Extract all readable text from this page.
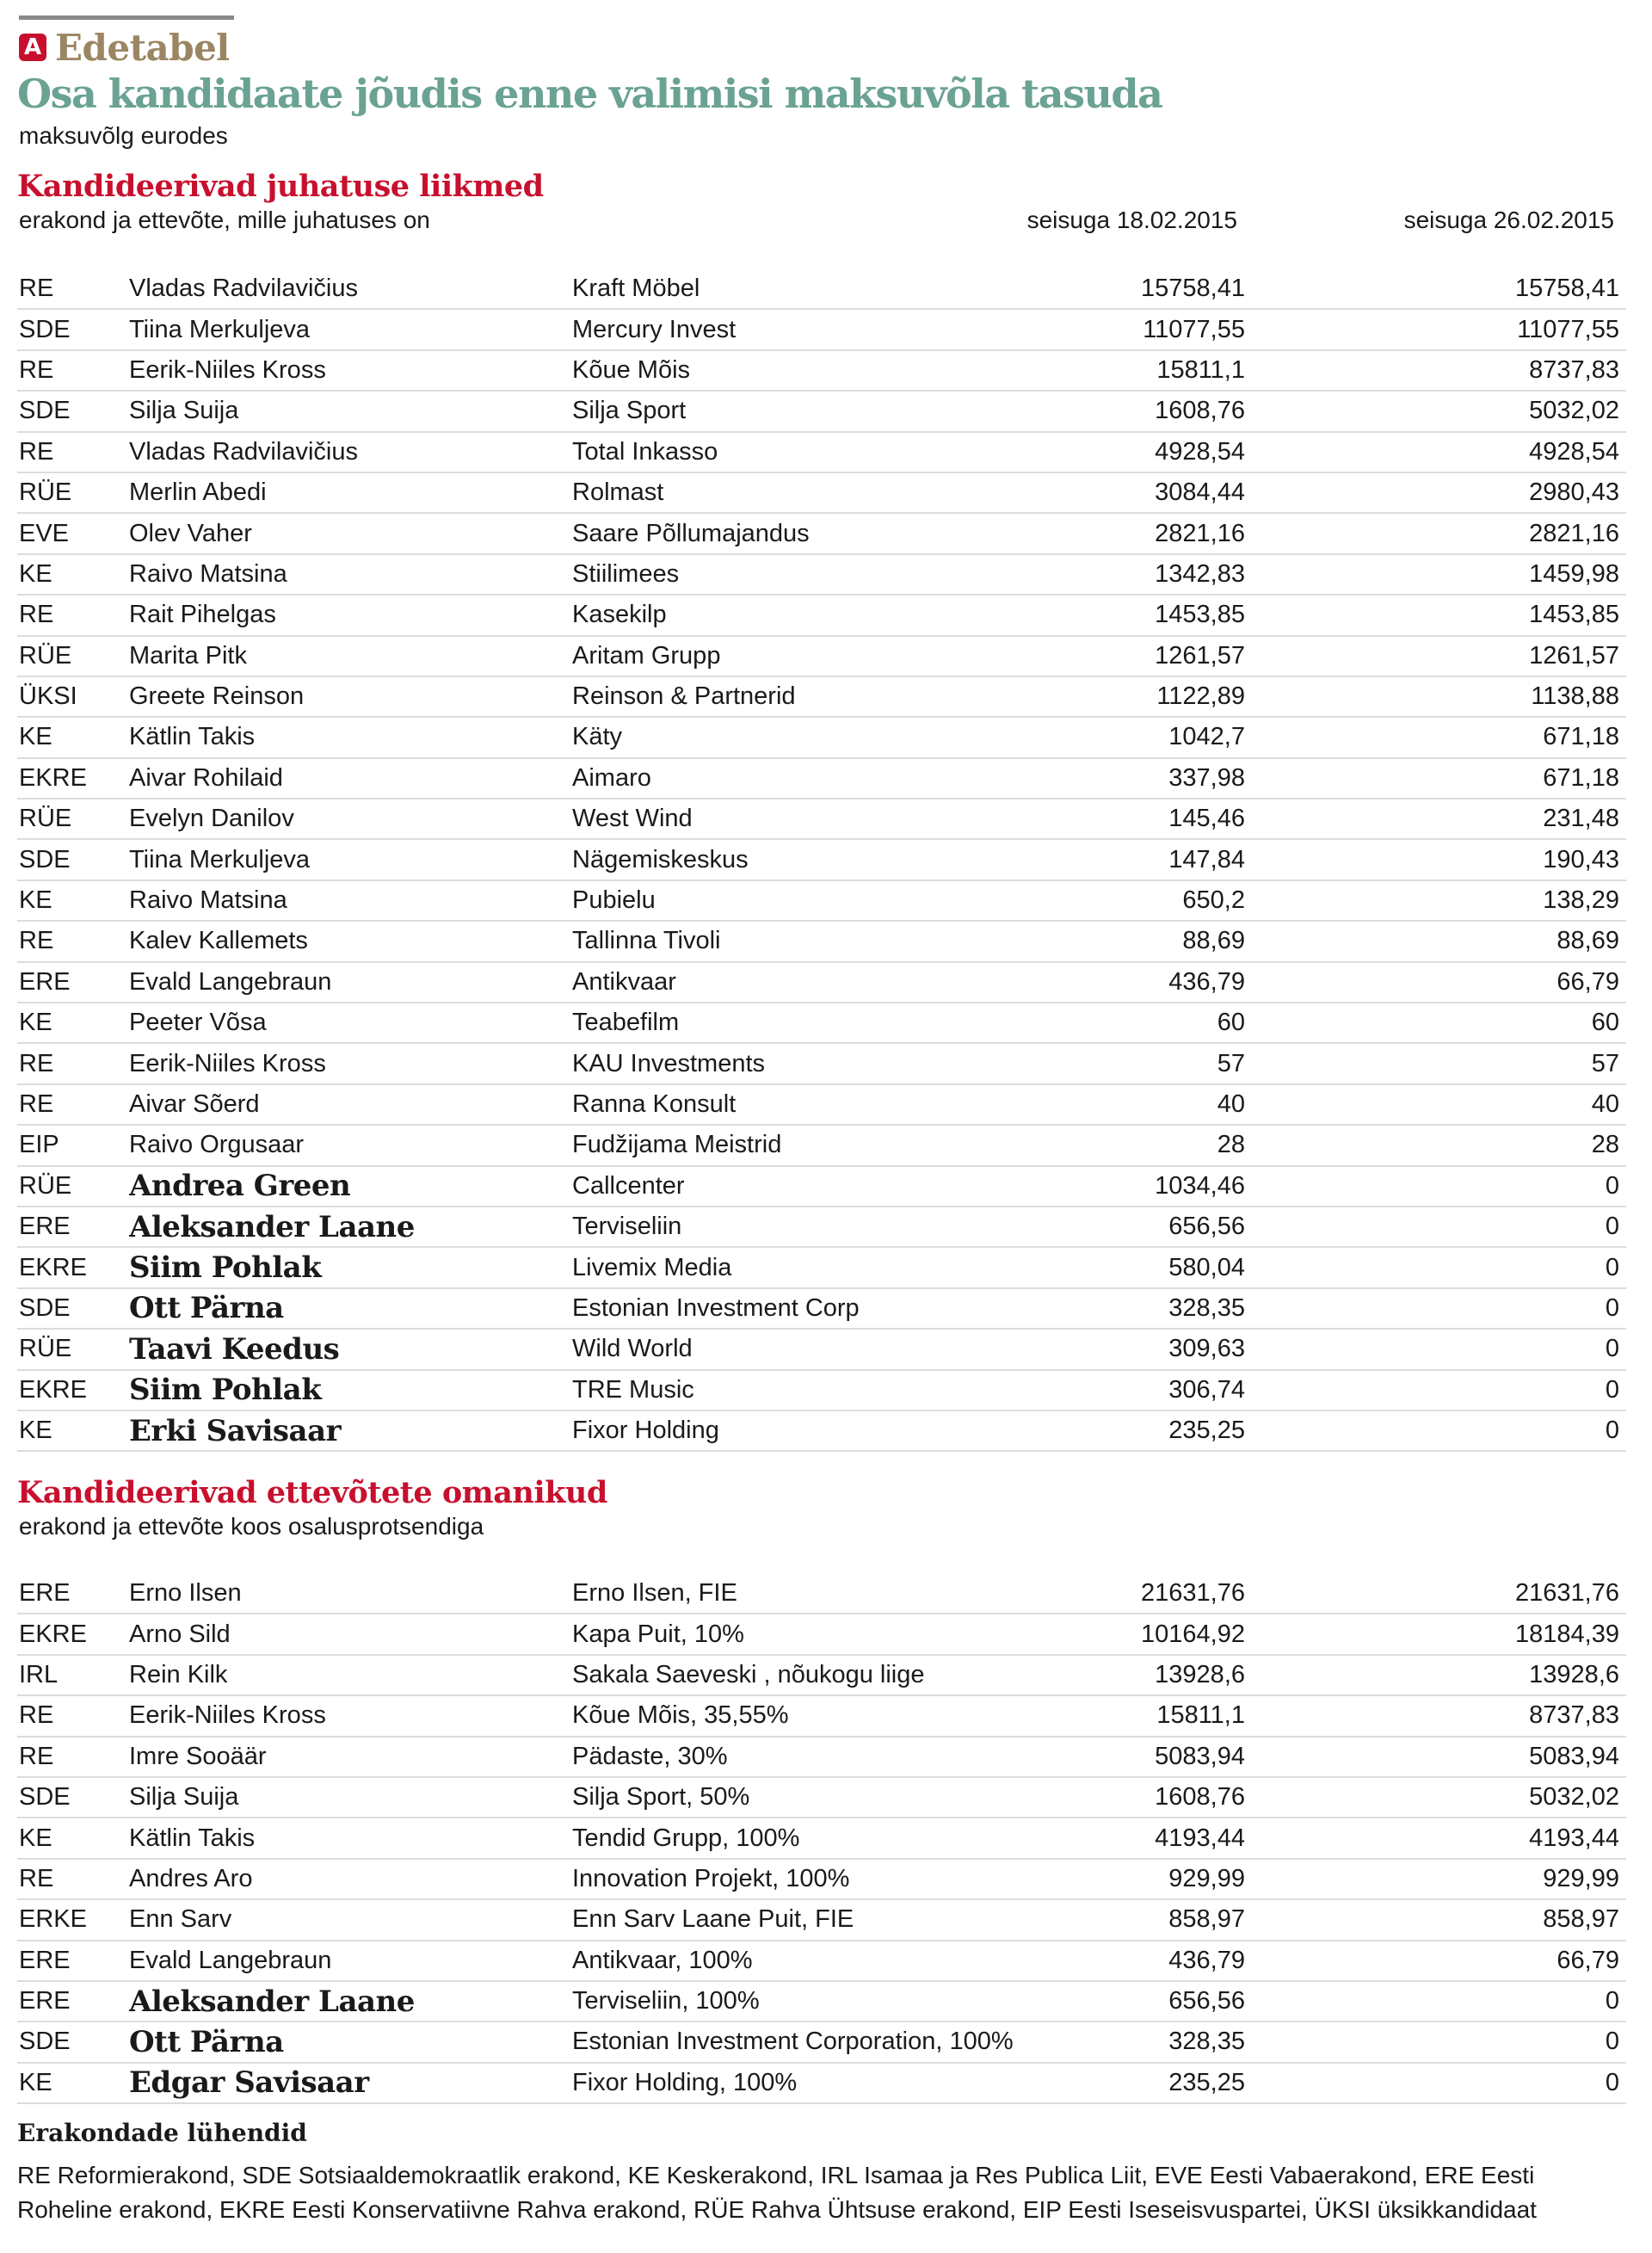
A Edetabel
Osa kandidaate jõudis enne valimisi maksuvõla tasuda
maksuvõlg eurodes
Kandideerivad juhatuse liikmed
erakond ja ettevõte, mille juhatuses on	seisuga 18.02.2015	seisuga 26.02.2015
RE	Vladas Radvilavičius	Kraft Möbel	15758,41	15758,41
SDE	Tiina Merkuljeva	Mercury Invest	11077,55	11077,55
RE	Eerik-Niiles Kross	Kõue Mõis	15811,1	8737,83
SDE	Silja Suija	Silja Sport	1608,76	5032,02
RE	Vladas Radvilavičius	Total Inkasso	4928,54	4928,54
RÜE	Merlin Abedi	Rolmast	3084,44	2980,43
EVE	Olev Vaher	Saare Põllumajandus	2821,16	2821,16
KE	Raivo Matsina	Stiilimees	1342,83	1459,98
RE	Rait Pihelgas	Kasekilp	1453,85	1453,85
RÜE	Marita Pitk	Aritam Grupp	1261,57	1261,57
ÜKSI	Greete Reinson	Reinson & Partnerid	1122,89	1138,88
KE	Kätlin Takis	Käty	1042,7	671,18
EKRE	Aivar Rohilaid	Aimaro	337,98	671,18
RÜE	Evelyn Danilov	West Wind	145,46	231,48
SDE	Tiina Merkuljeva	Nägemiskeskus	147,84	190,43
KE	Raivo Matsina	Pubielu	650,2	138,29
RE	Kalev Kallemets	Tallinna Tivoli	88,69	88,69
ERE	Evald Langebraun	Antikvaar	436,79	66,79
KE	Peeter Võsa	Teabefilm	60	60
RE	Eerik-Niiles Kross	KAU Investments	57	57
RE	Aivar Sõerd	Ranna Konsult	40	40
EIP	Raivo Orgusaar	Fudžijama Meistrid	28	28
RÜE	Andrea Green	Callcenter	1034,46	0
ERE	Aleksander Laane	Terviseliin	656,56	0
EKRE	Siim Pohlak	Livemix Media	580,04	0
SDE	Ott Pärna	Estonian Investment Corp	328,35	0
RÜE	Taavi Keedus	Wild World	309,63	0
EKRE	Siim Pohlak	TRE Music	306,74	0
KE	Erki Savisaar	Fixor Holding	235,25	0
Kandideerivad ettevõtete omanikud
erakond ja ettevõte koos osalusprotsendiga
ERE	Erno Ilsen	Erno Ilsen, FIE	21631,76	21631,76
EKRE	Arno Sild	Kapa Puit, 10%	10164,92	18184,39
IRL	Rein Kilk	Sakala Saeveski , nõukogu liige	13928,6	13928,6
RE	Eerik-Niiles Kross	Kõue Mõis, 35,55%	15811,1	8737,83
RE	Imre Sooäär	Pädaste, 30%	5083,94	5083,94
SDE	Silja Suija	Silja Sport, 50%	1608,76	5032,02
KE	Kätlin Takis	Tendid Grupp, 100%	4193,44	4193,44
RE	Andres Aro	Innovation Projekt, 100%	929,99	929,99
ERKE	Enn Sarv	Enn Sarv Laane Puit, FIE	858,97	858,97
ERE	Evald Langebraun	Antikvaar, 100%	436,79	66,79
ERE	Aleksander Laane	Terviseliin, 100%	656,56	0
SDE	Ott Pärna	Estonian Investment Corporation, 100%	328,35	0
KE	Edgar Savisaar	Fixor Holding, 100%	235,25	0
Erakondade lühendid
RE Reformierakond, SDE Sotsiaaldemokraatlik erakond, KE Keskerakond, IRL Isamaa ja Res Publica Liit, EVE Eesti Vabaerakond, ERE Eesti Roheline erakond, EKRE Eesti Konservatiivne Rahva erakond, RÜE Rahva Ühtsuse erakond, EIP Eesti Iseseisvuspartei, ÜKSI üksikkandidaat
